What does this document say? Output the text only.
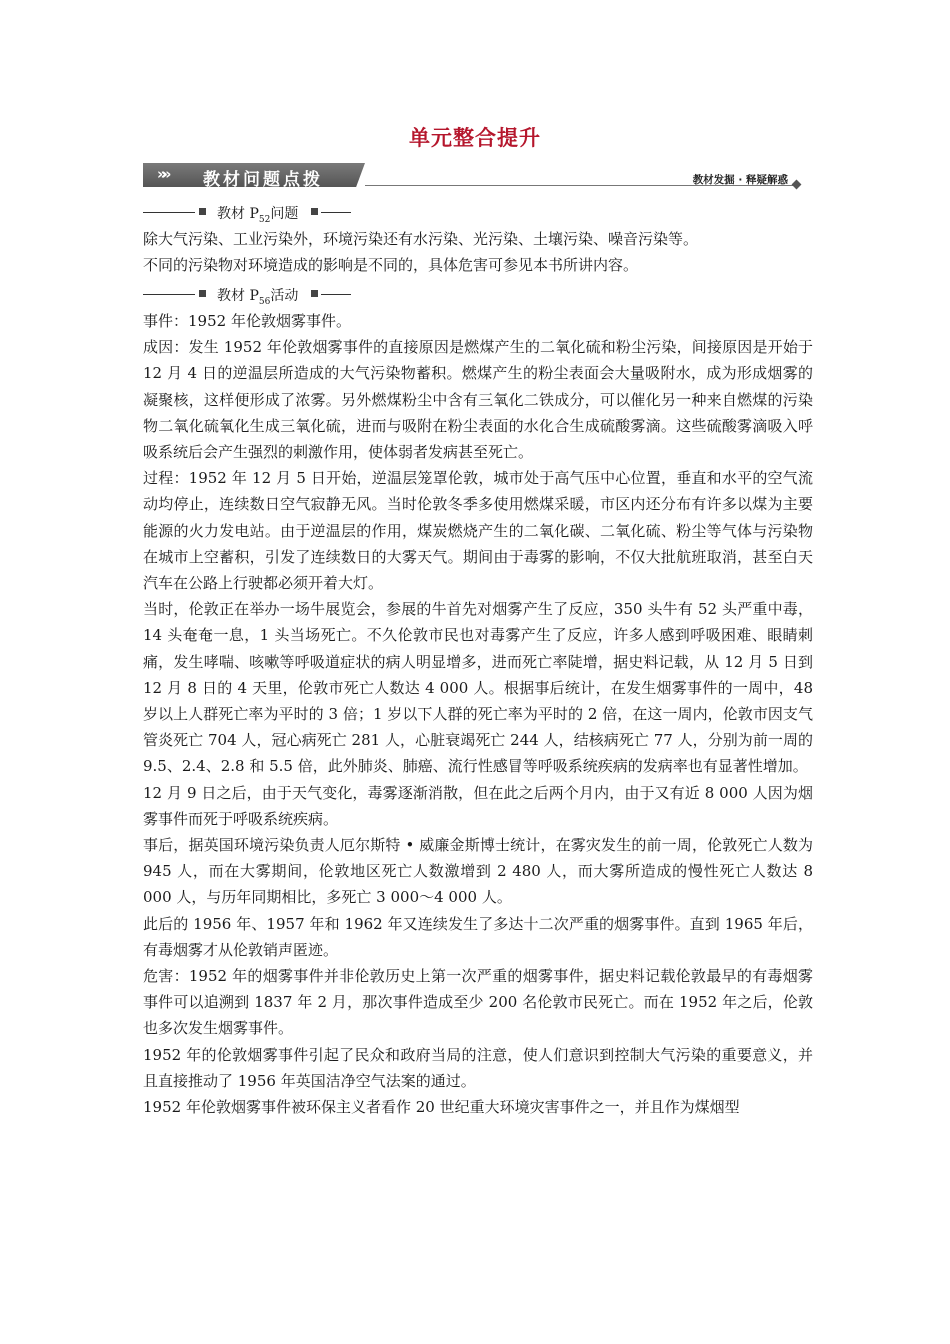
单元整合提升
»» 教材问题点拨	教材发掘 · 释疑解惑
教材 $P_{52}$问题
教材 $P_{56}$活动

除大气污染、工业污染外，环境污染还有水污染、光污染、土壤污染、噪音污染等。

不同的污染物对环境造成的影响是不同的，具体危害可参见本书所讲内容。

事件：1952 年伦敦烟雾事件。

成因：发生 1952 年伦敦烟雾事件的直接原因是燃煤产生的二氧化硫和粉尘污染，间接原因是开始于 12 月 4 日的逆温层所造成的大气污染物蓄积。燃煤产生的粉尘表面会大量吸附水，成为形成烟雾的凝聚核，这样便形成了浓雾。另外燃煤粉尘中含有三氧化二铁成分，可以催化另一种来自燃煤的污染物二氧化硫氧化生成三氧化硫，进而与吸附在粉尘表面的水化合生成硫酸雾滴。这些硫酸雾滴吸入呼吸系统后会产生强烈的刺激作用，使体弱者发病甚至死亡。

过程：1952 年 12 月 5 日开始，逆温层笼罩伦敦，城市处于高气压中心位置，垂直和水平的空气流动均停止，连续数日空气寂静无风。当时伦敦冬季多使用燃煤采暖，市区内还分布有许多以煤为主要能源的火力发电站。由于逆温层的作用，煤炭燃烧产生的二氧化碳、二氧化硫、粉尘等气体与污染物在城市上空蓄积，引发了连续数日的大雾天气。期间由于毒雾的影响，不仅大批航班取消，甚至白天汽车在公路上行驶都必须开着大灯。

当时，伦敦正在举办一场牛展览会，参展的牛首先对烟雾产生了反应，350 头牛有 52 头严重中毒，14 头奄奄一息，1 头当场死亡。不久伦敦市民也对毒雾产生了反应，许多人感到呼吸困难、眼睛刺痛，发生哮喘、咳嗽等呼吸道症状的病人明显增多，进而死亡率陡增，据史料记载，从 12 月 5 日到 12 月 8 日的 4 天里，伦敦市死亡人数达 4 000 人。根据事后统计，在发生烟雾事件的一周中，48 岁以上人群死亡率为平时的 3 倍；1 岁以下人群的死亡率为平时的 2 倍，在这一周内，伦敦市因支气管炎死亡 704 人，冠心病死亡 281 人，心脏衰竭死亡 244 人，结核病死亡 77 人，分别为前一周的 9.5、2.4、2.8 和 5.5 倍，此外肺炎、肺癌、流行性感冒等呼吸系统疾病的发病率也有显著性增加。

12 月 9 日之后，由于天气变化，毒雾逐渐消散，但在此之后两个月内，由于又有近 8 000 人因为烟雾事件而死于呼吸系统疾病。

事后，据英国环境污染负责人厄尔斯特 • 威廉金斯博士统计，在雾灾发生的前一周，伦敦死亡人数为 945 人，而在大雾期间，伦敦地区死亡人数激增到 2 480 人，而大雾所造成的慢性死亡人数达 8 000 人，与历年同期相比，多死亡 3 000～4 000 人。

此后的 1956 年、1957 年和 1962 年又连续发生了多达十二次严重的烟雾事件。直到 1965 年后，有毒烟雾才从伦敦销声匿迹。

危害：1952 年的烟雾事件并非伦敦历史上第一次严重的烟雾事件，据史料记载伦敦最早的有毒烟雾事件可以追溯到 1837 年 2 月，那次事件造成至少 200 名伦敦市民死亡。而在 1952 年之后，伦敦也多次发生烟雾事件。

1952 年的伦敦烟雾事件引起了民众和政府当局的注意，使人们意识到控制大气污染的重要意义，并且直接推动了 1956 年英国洁净空气法案的通过。

1952 年伦敦烟雾事件被环保主义者看作 20 世纪重大环境灾害事件之一，并且作为煤烟型
